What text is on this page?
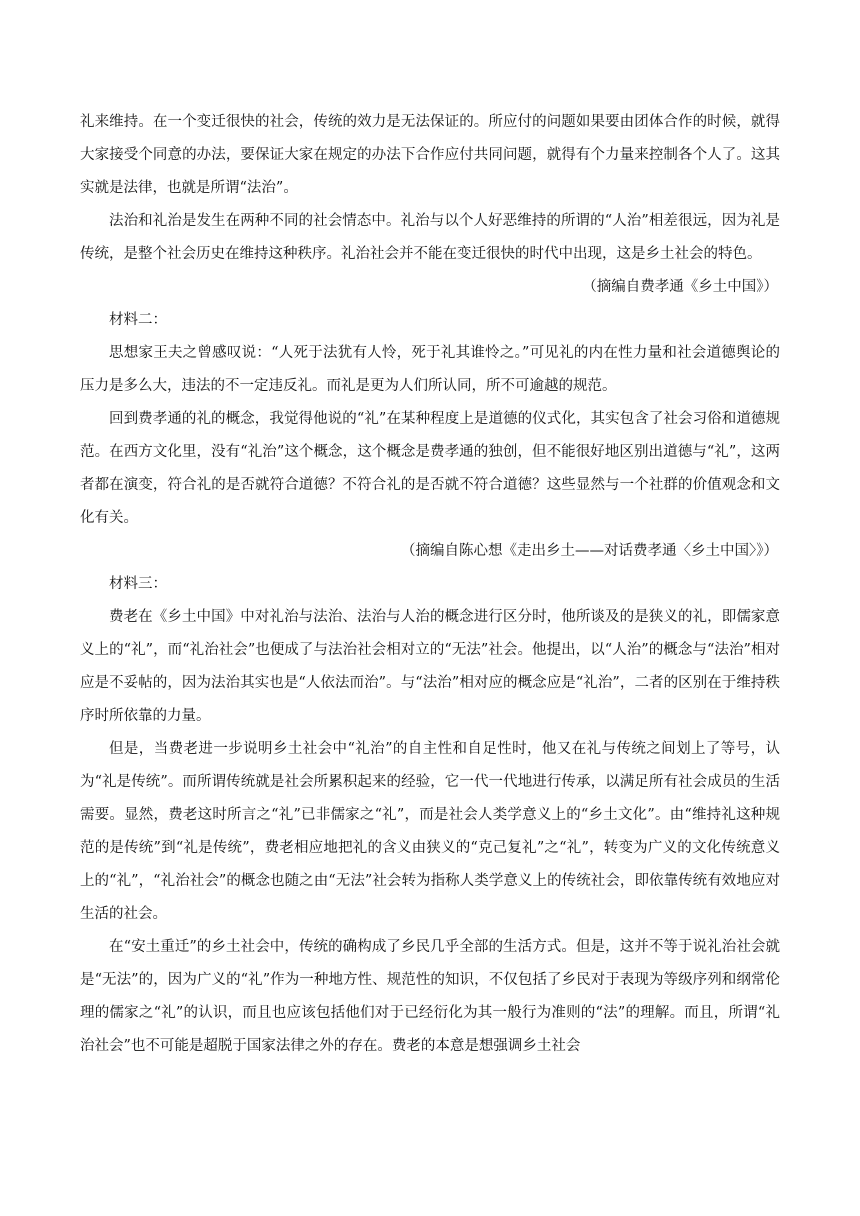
礼来维持。在一个变迁很快的社会，传统的效力是无法保证的。所应付的问题如果要由团体合作的时候，就得大家接受个同意的办法，要保证大家在规定的办法下合作应付共同问题，就得有个力量来控制各个人了。这其实就是法律，也就是所谓“法治”。

法治和礼治是发生在两种不同的社会情态中。礼治与以个人好恶维持的所谓的“人治”相差很远，因为礼是传统，是整个社会历史在维持这种秩序。礼治社会并不能在变迁很快的时代中出现，这是乡土社会的特色。

（摘编自费孝通《乡土中国》）

材料二：

思想家王夫之曾感叹说：“人死于法犹有人怜，死于礼其谁怜之。”可见礼的内在性力量和社会道德舆论的压力是多么大，违法的不一定违反礼。而礼是更为人们所认同，所不可逾越的规范。

回到费孝通的礼的概念，我觉得他说的“礼”在某种程度上是道德的仪式化，其实包含了社会习俗和道德规范。在西方文化里，没有“礼治”这个概念，这个概念是费孝通的独创，但不能很好地区别出道德与“礼”，这两者都在演变，符合礼的是否就符合道德？不符合礼的是否就不符合道德？这些显然与一个社群的价值观念和文化有关。

（摘编自陈心想《走出乡土——对话费孝通〈乡土中国〉》）

材料三：

费老在《乡土中国》中对礼治与法治、法治与人治的概念进行区分时，他所谈及的是狭义的礼，即儒家意义上的“礼”，而“礼治社会”也便成了与法治社会相对立的“无法”社会。他提出，以“人治”的概念与“法治”相对应是不妥帖的，因为法治其实也是“人依法而治”。与“法治”相对应的概念应是“礼治”，二者的区别在于维持秩序时所依靠的力量。

但是，当费老进一步说明乡土社会中“礼治”的自主性和自足性时，他又在礼与传统之间划上了等号，认为“礼是传统”。而所谓传统就是社会所累积起来的经验，它一代一代地进行传承，以满足所有社会成员的生活需要。显然，费老这时所言之“礼”已非儒家之“礼”，而是社会人类学意义上的“乡土文化”。由“维持礼这种规范的是传统”到“礼是传统”，费老相应地把礼的含义由狭义的“克己复礼”之“礼”，转变为广义的文化传统意义上的“礼”，“礼治社会”的概念也随之由“无法”社会转为指称人类学意义上的传统社会，即依靠传统有效地应对生活的社会。

在“安土重迁”的乡土社会中，传统的确构成了乡民几乎全部的生活方式。但是，这并不等于说礼治社会就是“无法”的，因为广义的“礼”作为一种地方性、规范性的知识，不仅包括了乡民对于表现为等级序列和纲常伦理的儒家之“礼”的认识，而且也应该包括他们对于已经衍化为其一般行为准则的“法”的理解。而且，所谓“礼治社会”也不可能是超脱于国家法律之外的存在。费老的本意是想强调乡土社会
